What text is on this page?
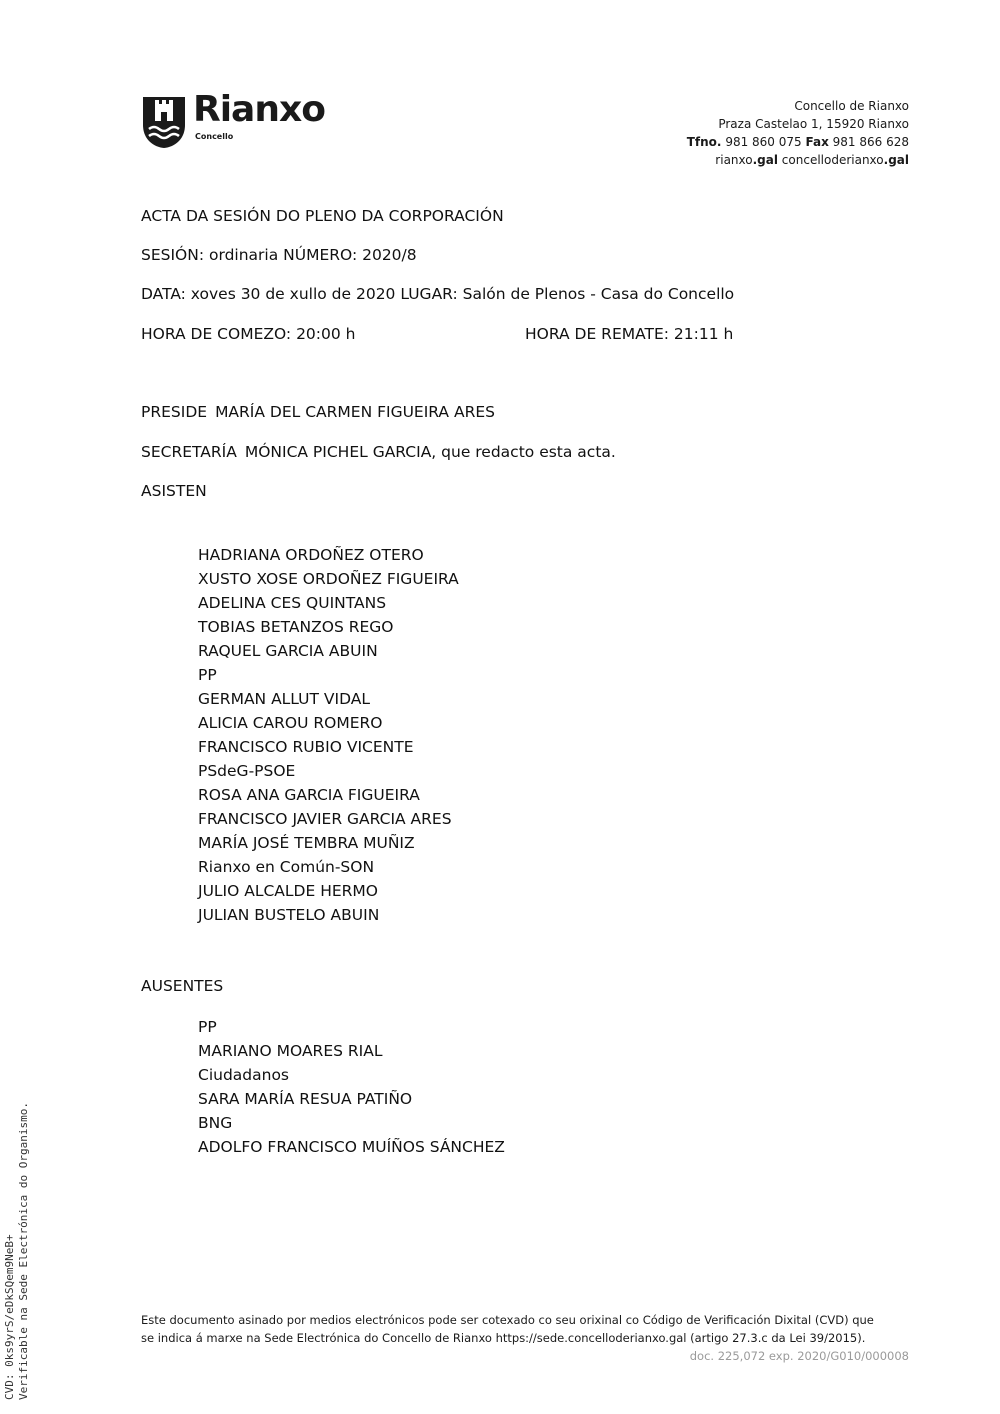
Rianxo
Concello
Concello de Rianxo
Praza Castelao 1, 15920 Rianxo
Tfno. 981 860 075 Fax 981 866 628
rianxo.gal concelloderianxo.gal
ACTA DA SESIÓN DO PLENO DA CORPORACIÓN
SESIÓN: ordinaria NÚMERO: 2020/8
DATA: xoves 30 de xullo de 2020 LUGAR: Salón de Plenos - Casa do Concello
HORA DE COMEZO: 20:00 h	HORA DE REMATE: 21:11 h
PRESIDE MARÍA DEL CARMEN FIGUEIRA ARES
SECRETARÍA MÓNICA PICHEL GARCIA, que redacto esta acta.
ASISTEN
HADRIANA ORDOÑEZ OTERO
XUSTO XOSE ORDOÑEZ FIGUEIRA
ADELINA CES QUINTANS
TOBIAS BETANZOS REGO
RAQUEL GARCIA ABUIN
PP
GERMAN ALLUT VIDAL
ALICIA CAROU ROMERO
FRANCISCO RUBIO VICENTE
PSdeG-PSOE
ROSA ANA GARCIA FIGUEIRA
FRANCISCO JAVIER GARCIA ARES
MARÍA JOSÉ TEMBRA MUÑIZ
Rianxo en Común-SON
JULIO ALCALDE HERMO
JULIAN BUSTELO ABUIN
AUSENTES
PP
MARIANO MOARES RIAL
Ciudadanos
SARA MARÍA RESUA PATIÑO
BNG
ADOLFO FRANCISCO MUÍÑOS SÁNCHEZ
Este documento asinado por medios electrónicos pode ser cotexado co seu orixinal co Código de Verificación Dixital (CVD) que
se indica á marxe na Sede Electrónica do Concello de Rianxo https://sede.concelloderianxo.gal (artigo 27.3.c da Lei 39/2015).
doc. 225,072 exp. 2020/G010/000008
CVD: 0ks9yrS/eDkSQem9NeB+ Verificable na Sede Electrónica do Organismo.
